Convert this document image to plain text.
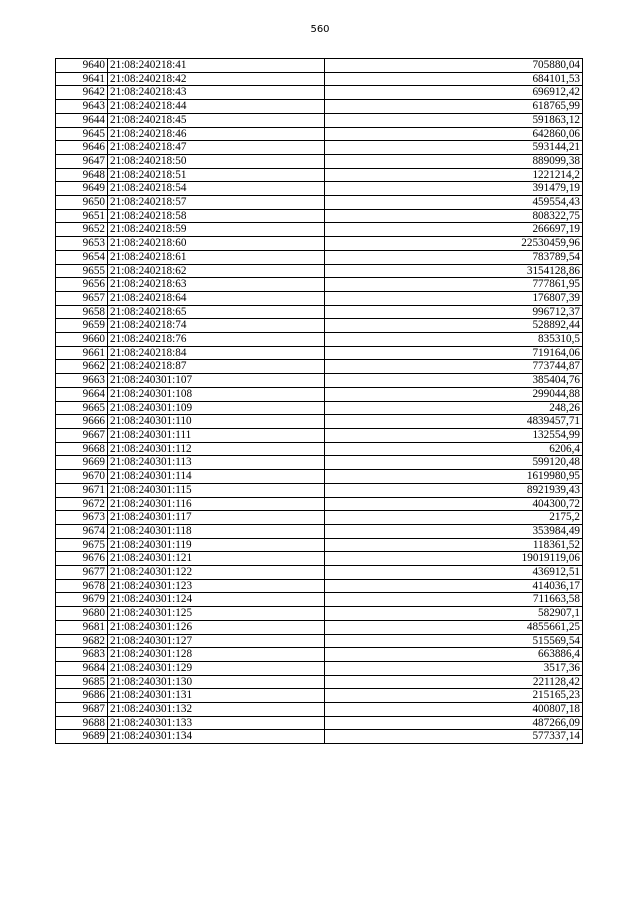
560
9640	21:08:240218:41	705880,04
9641	21:08:240218:42	684101,53
9642	21:08:240218:43	696912,42
9643	21:08:240218:44	618765,99
9644	21:08:240218:45	591863,12
9645	21:08:240218:46	642860,06
9646	21:08:240218:47	593144,21
9647	21:08:240218:50	889099,38
9648	21:08:240218:51	1221214,2
9649	21:08:240218:54	391479,19
9650	21:08:240218:57	459554,43
9651	21:08:240218:58	808322,75
9652	21:08:240218:59	266697,19
9653	21:08:240218:60	22530459,96
9654	21:08:240218:61	783789,54
9655	21:08:240218:62	3154128,86
9656	21:08:240218:63	777861,95
9657	21:08:240218:64	176807,39
9658	21:08:240218:65	996712,37
9659	21:08:240218:74	528892,44
9660	21:08:240218:76	835310,5
9661	21:08:240218:84	719164,06
9662	21:08:240218:87	773744,87
9663	21:08:240301:107	385404,76
9664	21:08:240301:108	299044,88
9665	21:08:240301:109	248,26
9666	21:08:240301:110	4839457,71
9667	21:08:240301:111	132554,99
9668	21:08:240301:112	6206,4
9669	21:08:240301:113	599120,48
9670	21:08:240301:114	1619980,95
9671	21:08:240301:115	8921939,43
9672	21:08:240301:116	404300,72
9673	21:08:240301:117	2175,2
9674	21:08:240301:118	353984,49
9675	21:08:240301:119	118361,52
9676	21:08:240301:121	19019119,06
9677	21:08:240301:122	436912,51
9678	21:08:240301:123	414036,17
9679	21:08:240301:124	711663,58
9680	21:08:240301:125	582907,1
9681	21:08:240301:126	4855661,25
9682	21:08:240301:127	515569,54
9683	21:08:240301:128	663886,4
9684	21:08:240301:129	3517,36
9685	21:08:240301:130	221128,42
9686	21:08:240301:131	215165,23
9687	21:08:240301:132	400807,18
9688	21:08:240301:133	487266,09
9689	21:08:240301:134	577337,14
